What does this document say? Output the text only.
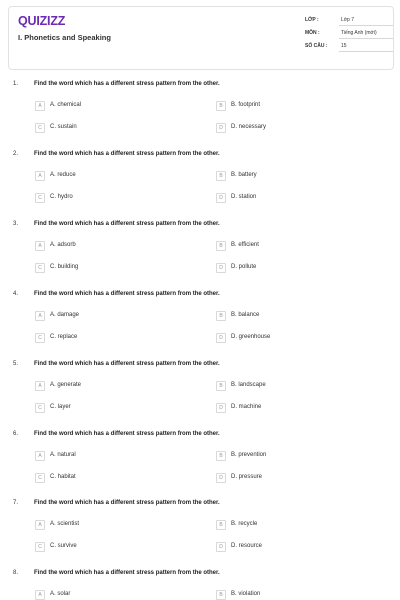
QUIZIZZ
I. Phonetics and Speaking
LỚP :	Lớp 7
MÔN :	Tiếng Anh (mới)
SỐ CÂU :	15
1.	Find the word which has a different stress pattern from the other.
A	A. chemical	B	B. footprint
C	C. sustain	D	D. necessary
2.	Find the word which has a different stress pattern from the other.
A	A. reduce	B	B. battery
C	C. hydro	D	D. station
3.	Find the word which has a different stress pattern from the other.
A	A. adsorb	B	B. efficient
C	C. building	D	D. pollute
4.	Find the word which has a different stress pattern from the other.
A	A. damage	B	B. balance
C	C. replace	D	D. greenhouse
5.	Find the word which has a different stress pattern from the other.
A	A. generate	B	B. landscape
C	C. layer	D	D. machine
6.	Find the word which has a different stress pattern from the other.
A	A. natural	B	B. prevention
C	C. habitat	D	D. pressure
7.	Find the word which has a different stress pattern from the other.
A	A. scientist	B	B. recycle
C	C. survive	D	D. resource
8.	Find the word which has a different stress pattern from the other.
A	A. solar	B	B. violation
